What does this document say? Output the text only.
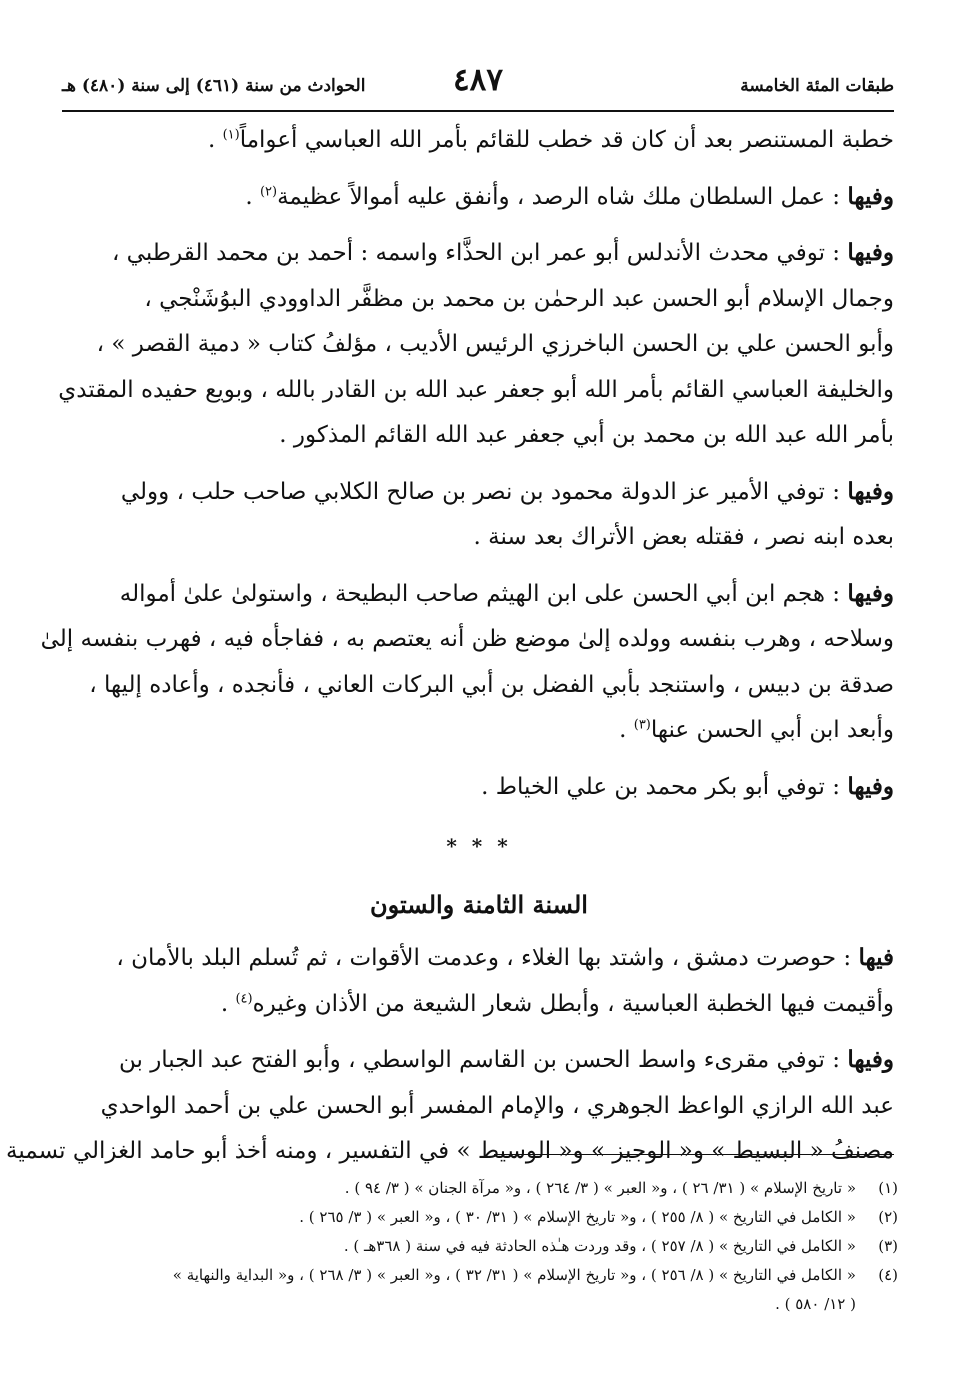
طبقات المئة الخامسة
٤٨٧
الحوادث من سنة (٤٦١) إلى سنة (٤٨٠) هـ

خطبة المستنصر بعد أن كان قد خطب للقائم بأمر الله العباسي أعواماً$^{(١)}$ .

وفيها : عمل السلطان ملك شاه الرصد ، وأنفق عليه أموالاً عظيمة$^{(٢)}$ .

وفيها : توفي محدث الأندلس أبو عمر ابن الحذَّاء واسمه : أحمد بن محمد القرطبي ،

وجمال الإسلام أبو الحسن عبد الرحمٰن بن محمد بن مظفَّر الداوودي البوُشَنْجي ،

وأبو الحسن علي بن الحسن الباخرزي الرئيس الأديب ، مؤلفُ كتاب « دمية القصر » ،

والخليفة العباسي القائم بأمر الله أبو جعفر عبد الله بن القادر بالله ، وبويع حفيده المقتدي

بأمر الله عبد الله بن محمد بن أبي جعفر عبد الله القائم المذكور .

وفيها : توفي الأمير عز الدولة محمود بن نصر بن صالح الكلابي صاحب حلب ، وولي

بعده ابنه نصر ، فقتله بعض الأتراك بعد سنة .

وفيها : هجم ابن أبي الحسن على ابن الهيثم صاحب البطيحة ، واستولىٰ علىٰ أمواله

وسلاحه ، وهرب بنفسه وولده إلىٰ موضع ظن أنه يعتصم به ، ففاجأه فيه ، فهرب بنفسه إلىٰ

صدقة بن دبيس ، واستنجد بأبي الفضل بن أبي البركات العاني ، فأنجده ، وأعاده إليها ،

وأبعد ابن أبي الحسن عنها$^{(٣)}$ .

وفيها : توفي أبو بكر محمد بن علي الخياط .

* * *
السنة الثامنة والستون

فيها : حوصرت دمشق ، واشتد بها الغلاء ، وعدمت الأقوات ، ثم تُسلم البلد بالأمان ،

وأقيمت فيها الخطبة العباسية ، وأبطل شعار الشيعة من الأذان وغيره$^{(٤)}$ .

وفيها : توفي مقرىء واسط الحسن بن القاسم الواسطي ، وأبو الفتح عبد الجبار بن

عبد الله الرازي الواعظ الجوهري ، والإمام المفسر أبو الحسن علي بن أحمد الواحدي

مصنفُ « البسيط » و« الوجيز » و« الوسيط » في التفسير ، ومنه أخذ أبو حامد الغزالي تسمية

(١)
« تاريخ الإسلام » ( ٣١/ ٢٦ ) ، و« العبر » ( ٣/ ٢٦٤ ) ، و« مرآة الجنان » ( ٣/ ٩٤ ) .
(٢)
« الكامل في التاريخ » ( ٨/ ٢٥٥ ) ، و« تاريخ الإسلام » ( ٣١/ ٣٠ ) ، و« العبر » ( ٣/ ٢٦٥ ) .
(٣)
« الكامل في التاريخ » ( ٨/ ٢٥٧ ) ، وقد وردت هـٰذه الحادثة فيه في سنة ( ٣٦٨هـ ) .
(٤)
« الكامل في التاريخ » ( ٨/ ٢٥٦ ) ، و« تاريخ الإسلام » ( ٣١/ ٣٢ ) ، و« العبر » ( ٣/ ٢٦٨ ) ، و« البداية والنهاية »
( ١٢/ ٥٨٠ ) .
